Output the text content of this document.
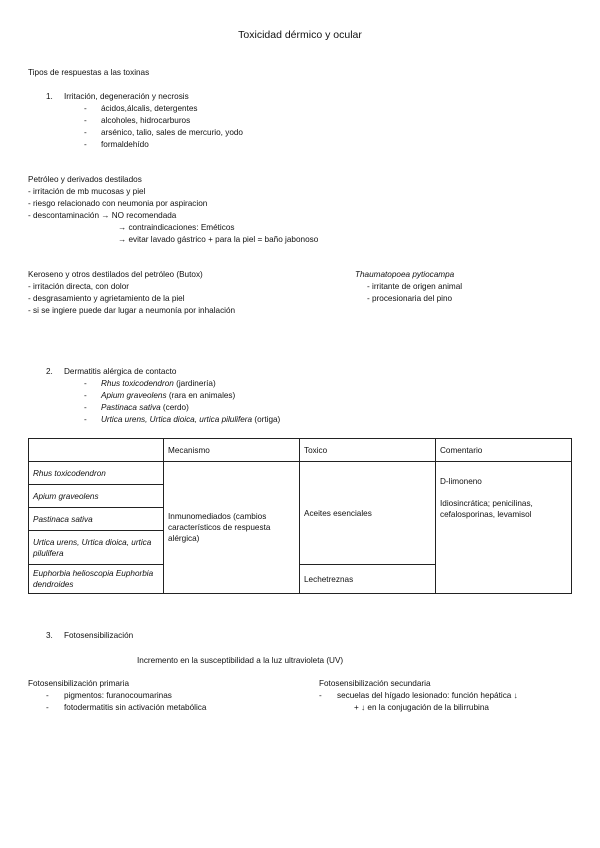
Toxicidad dérmico y ocular
Tipos de respuestas a las toxinas
1. Irritación, degeneración y necrosis
- ácidos,álcalis, detergentes
- alcoholes, hidrocarburos
- arsénico, talio, sales de mercurio, yodo
- formaldehído
Petróleo y derivados destilados
- irritación de mb mucosas y piel
- riesgo relacionado con neumonia por aspiracion
- descontaminación → NO recomendada
→ contraindicaciones: Eméticos
→ evitar lavado gástrico + para la piel = baño jabonoso
Keroseno y otros destilados del petróleo (Butox)
- irritación directa, con dolor
- desgrasamiento y agrietamiento de la piel
- si se ingiere puede dar lugar a neumonía por inhalación
Thaumatopoea pytiocampa
- irritante de origen animal
- procesionaria del pino
2. Dermatitis alérgica de contacto
- Rhus toxicodendron (jardinería)
- Apium graveolens (rara en animales)
- Pastinaca sativa (cerdo)
- Urtica urens, Urtica dioica, urtica pilulifera (ortiga)
	Mecanismo	Toxico	Comentario
Rhus toxicodendron	Inmunomediados (cambios característicos de respuesta alérgica)	Aceites esenciales	D-limoneno
Idiosincrática; penicilinas, cefalosporinas, levamisol

Apium graveolens			
Pastinaca sativa			
Urtica urens, Urtica dioica, urtica pilulifera			
Euphorbia helioscopia Euphorbia dendroides		Lechetreznas	
3. Fotosensibilización
Incremento en la susceptibilidad a la luz ultravioleta (UV)
Fotosensibilización primaria
- pigmentos: furanocoumarinas
- fotodermatitis sin activación metabólica
Fotosensibilización secundaria
- secuelas del hígado lesionado: función hepática ↓
+ ↓ en la conjugación de la bilirrubina
